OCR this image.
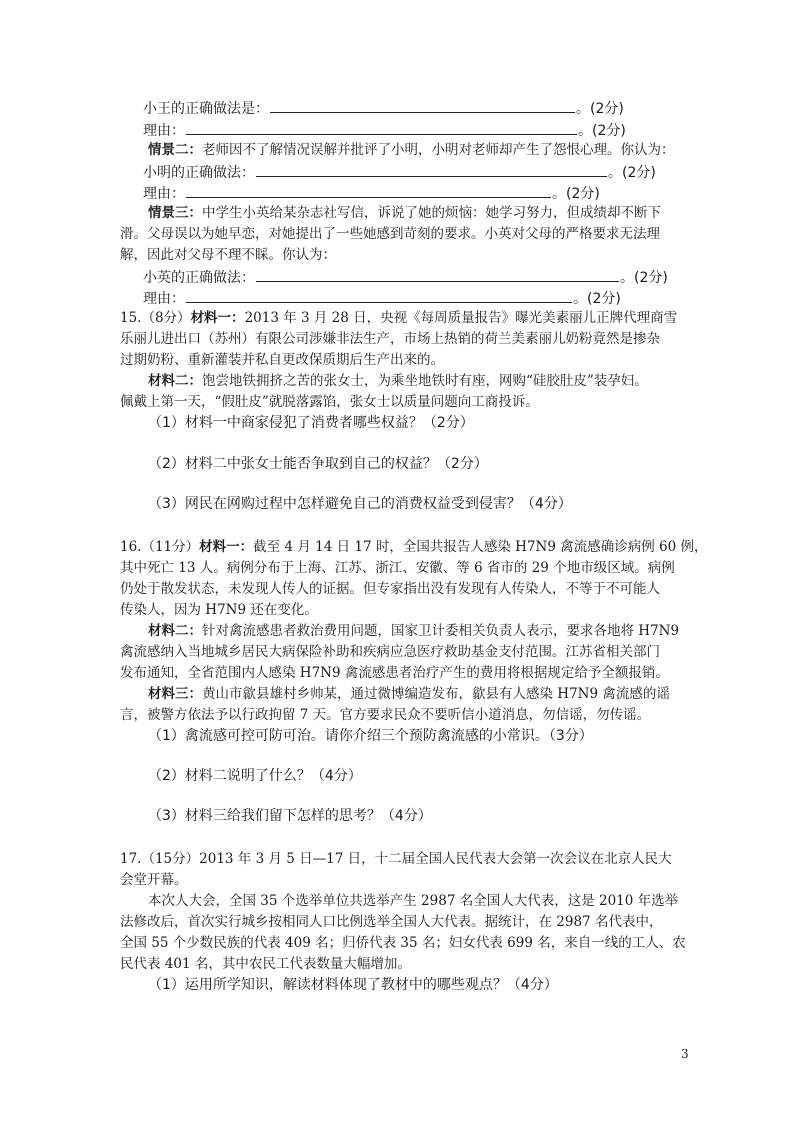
小王的正确做法是：	。(2分)
理由：	。(2分)
情景二：老师因不了解情况误解并批评了小明，小明对老师却产生了怨恨心理。你认为：
小明的正确做法：	。(2分)
理由：	。(2分)
情景三：中学生小英给某杂志社写信，诉说了她的烦恼：她学习努力，但成绩却不断下
滑。父母误以为她早恋，对她提出了一些她感到苛刻的要求。小英对父母的严格要求无法理
解，因此对父母不理不睬。你认为：
小英的正确做法：	。(2分)
理由：	。(2分)
15.（8分）材料一：2013 年 3 月 28 日，央视《每周质量报告》曝光美素丽儿正牌代理商雪
乐丽儿进出口（苏州）有限公司涉嫌非法生产，市场上热销的荷兰美素丽儿奶粉竟然是掺杂
过期奶粉、重新灌装并私自更改保质期后生产出来的。
材料二：饱尝地铁拥挤之苦的张女士，为乘坐地铁时有座，网购“硅胶肚皮”装孕妇。
佩戴上第一天，“假肚皮”就脱落露馅，张女士以质量问题向工商投诉。
（1）材料一中商家侵犯了消费者哪些权益？（2分）
（2）材料二中张女士能否争取到自己的权益？（2分）
（3）网民在网购过程中怎样避免自己的消费权益受到侵害？（4分）
16.（11分）材料一：截至 4 月 14 日 17 时，全国共报告人感染 H7N9 禽流感确诊病例 60 例，
其中死亡 13 人。病例分布于上海、江苏、浙江、安徽、等 6 省市的 29 个地市级区域。病例
仍处于散发状态，未发现人传人的证据。但专家指出没有发现有人传染人，不等于不可能人
传染人，因为 H7N9 还在变化。
材料二：针对禽流感患者救治费用问题，国家卫计委相关负责人表示，要求各地将 H7N9
禽流感纳入当地城乡居民大病保险补助和疾病应急医疗救助基金支付范围。江苏省相关部门
发布通知，全省范围内人感染 H7N9 禽流感患者治疗产生的费用将根据规定给予全额报销。
材料三：黄山市歙县雄村乡帅某，通过微博编造发布，歙县有人感染 H7N9 禽流感的谣
言，被警方依法予以行政拘留 7 天。官方要求民众不要听信小道消息，勿信谣，勿传谣。
（1）禽流感可控可防可治。请你介绍三个预防禽流感的小常识。（3分）
（2）材料二说明了什么？（4分）
（3）材料三给我们留下怎样的思考？（4分）
17.（15分）2013 年 3 月 5 日—17 日，十二届全国人民代表大会第一次会议在北京人民大
会堂开幕。
本次人大会，全国 35 个选举单位共选举产生 2987 名全国人大代表，这是 2010 年选举
法修改后，首次实行城乡按相同人口比例选举全国人大代表。据统计，在 2987 名代表中，
全国 55 个少数民族的代表 409 名；归侨代表 35 名；妇女代表 699 名，来自一线的工人、农
民代表 401 名，其中农民工代表数量大幅增加。
（1）运用所学知识，解读材料体现了教材中的哪些观点？（4分）
3
